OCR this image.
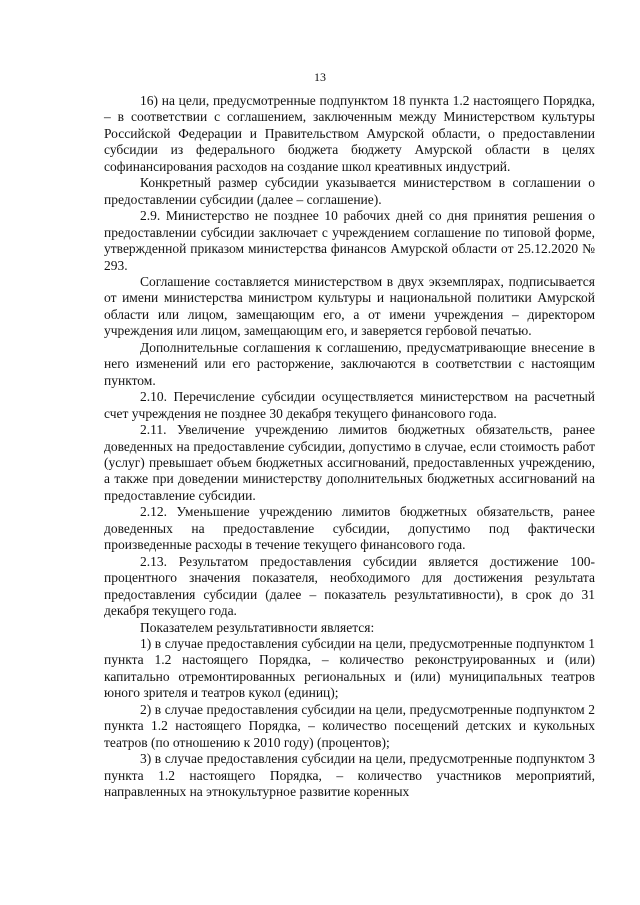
13

16) на цели, предусмотренные подпунктом 18 пункта 1.2 настоящего Порядка, – в соответствии с соглашением, заключенным между Министерством культуры Российской Федерации и Правительством Амурской области, о предоставлении субсидии из федерального бюджета бюджету Амурской области в целях софинансирования расходов на создание школ креативных индустрий.

Конкретный размер субсидии указывается министерством в соглашении о предоставлении субсидии (далее – соглашение).

2.9. Министерство не позднее 10 рабочих дней со дня принятия решения о предоставлении субсидии заключает с учреждением соглашение по типовой форме, утвержденной приказом министерства финансов Амурской области от 25.12.2020 № 293.

Соглашение составляется министерством в двух экземплярах, подписывается от имени министерства министром культуры и национальной политики Амурской области или лицом, замещающим его, а от имени учреждения – директором учреждения или лицом, замещающим его, и заверяется гербовой печатью.

Дополнительные соглашения к соглашению, предусматривающие внесение в него изменений или его расторжение, заключаются в соответствии с настоящим пунктом.

2.10. Перечисление субсидии осуществляется министерством на расчетный счет учреждения не позднее 30 декабря текущего финансового года.

2.11. Увеличение учреждению лимитов бюджетных обязательств, ранее доведенных на предоставление субсидии, допустимо в случае, если стоимость работ (услуг) превышает объем бюджетных ассигнований, предоставленных учреждению, а также при доведении министерству дополнительных бюджетных ассигнований на предоставление субсидии.

2.12. Уменьшение учреждению лимитов бюджетных обязательств, ранее доведенных на предоставление субсидии, допустимо под фактически произведенные расходы в течение текущего финансового года.

2.13. Результатом предоставления субсидии является достижение 100-процентного значения показателя, необходимого для достижения результата предоставления субсидии (далее – показатель результативности), в срок до 31 декабря текущего года.

Показателем результативности является:

1) в случае предоставления субсидии на цели, предусмотренные подпунктом 1 пункта 1.2 настоящего Порядка, – количество реконструированных и (или) капитально отремонтированных региональных и (или) муниципальных театров юного зрителя и театров кукол (единиц);

2) в случае предоставления субсидии на цели, предусмотренные подпунктом 2 пункта 1.2 настоящего Порядка, – количество посещений детских и кукольных театров (по отношению к 2010 году) (процентов);

3) в случае предоставления субсидии на цели, предусмотренные подпунктом 3 пункта 1.2 настоящего Порядка, – количество участников мероприятий, направленных на этнокультурное развитие коренных
